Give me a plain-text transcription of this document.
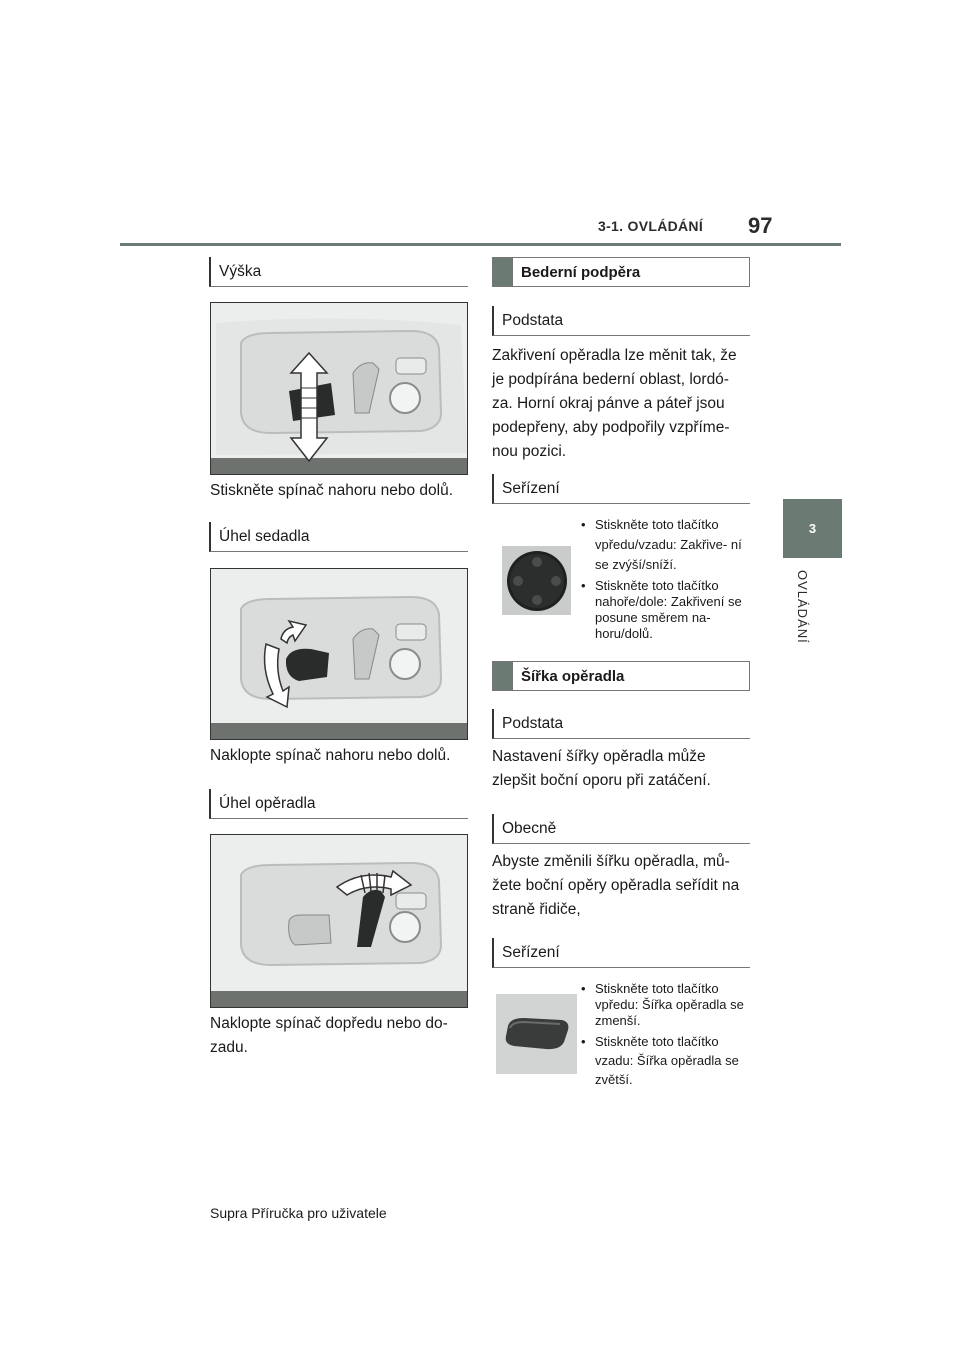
3-1. OVLÁDÁNÍ 97
3
OVLÁDÁNÍ
Výška

Stiskněte spínač nahoru nebo dolů.

Úhel sedadla

Naklopte spínač nahoru nebo dolů.

Úhel opěradla

Naklopte spínač dopředu nebo do-

zadu.

Bederní podpěra
Podstata
Zakřivení opěradla lze měnit tak, že
je podpírána bederní oblast, lordó-
za. Horní okraj pánve a páteř jsou
podepřeny, aby podpořily vzpříme-
nou pozici.
Seřízení
• Stiskněte toto tlačítko vpředu/vzadu: Zakřive- ní se zvýší/sníží.
• Stiskněte toto tlačítko nahoře/dole: Zakřivení se posune směrem na- horu/dolů.
Šířka opěradla
Podstata
Nastavení šířky opěradla může
zlepšit boční oporu při zatáčení.
Obecně
Abyste změnili šířku opěradla, mů-
žete boční opěry opěradla seřídit na
straně řidiče,
Seřízení
• Stiskněte toto tlačítko vpředu: Šířka opěradla se zmenší.
• Stiskněte toto tlačítko vzadu: Šířka opěradla se zvětší.
Supra Příručka pro uživatele
